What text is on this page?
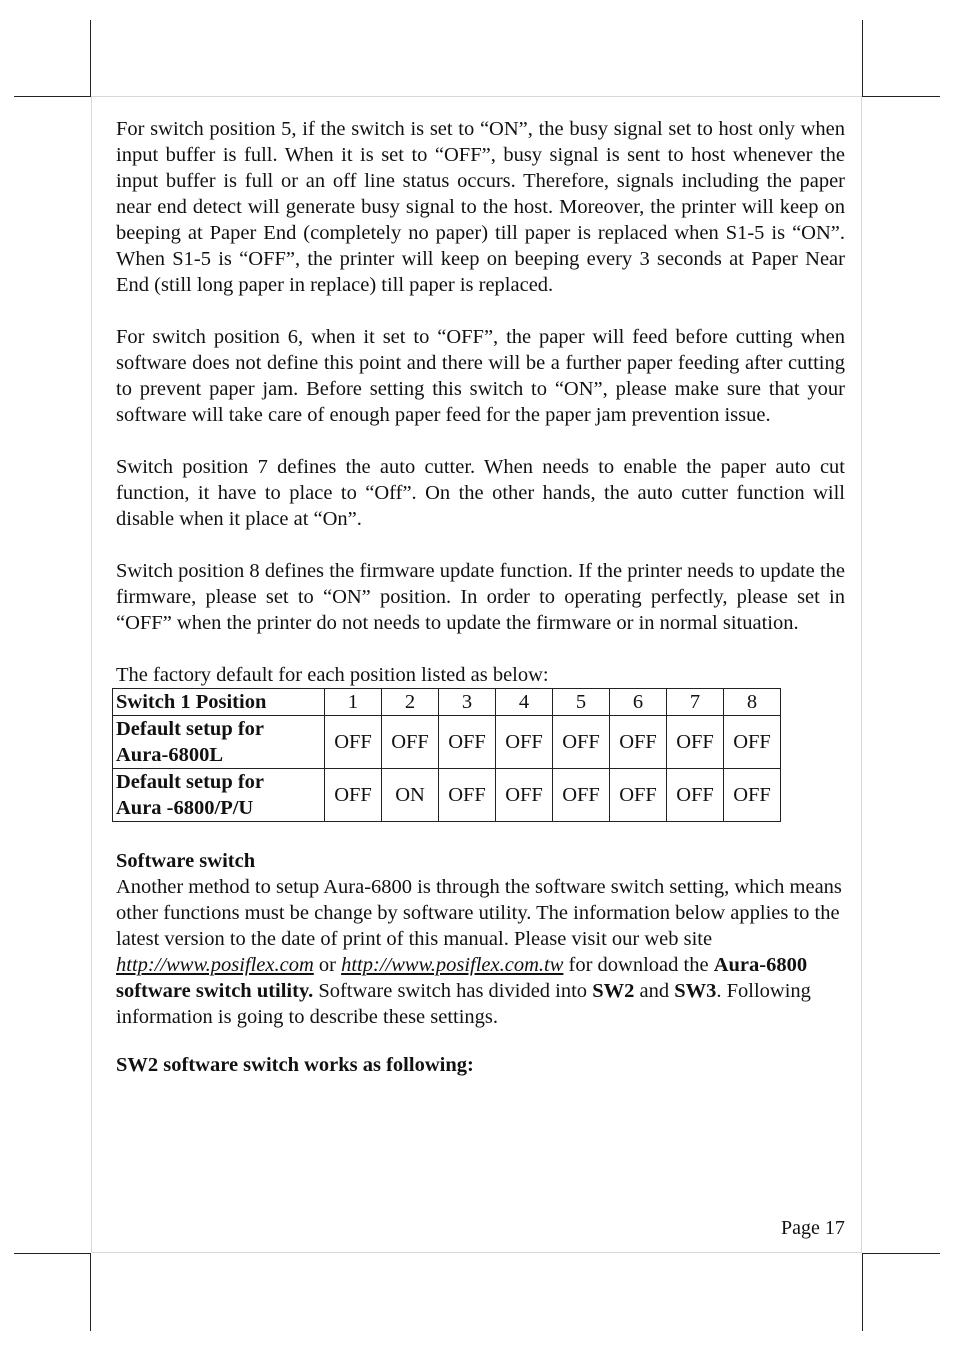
For switch position 5, if the switch is set to “ON”, the busy signal set to host only when input buffer is full. When it is set to “OFF”, busy signal is sent to host whenever the input buffer is full or an off line status occurs. Therefore, signals including the paper near end detect will generate busy signal to the host. Moreover, the printer will keep on beeping at Paper End (completely no paper) till paper is replaced when S1-5 is “ON”. When S1-5 is “OFF”, the printer will keep on beeping every 3 seconds at Paper Near End (still long paper in replace) till paper is replaced.

For switch position 6, when it set to “OFF”, the paper will feed before cutting when software does not define this point and there will be a further paper feeding after cutting to prevent paper jam. Before setting this switch to “ON”, please make sure that your software will take care of enough paper feed for the paper jam prevention issue.

Switch position 7 defines the auto cutter. When needs to enable the paper auto cut function, it have to place to “Off”. On the other hands, the auto cutter function will disable when it place at “On”.

Switch position 8 defines the firmware update function. If the printer needs to update the firmware, please set to “ON” position. In order to operating perfectly, please set in “OFF” when the printer do not needs to update the firmware or in normal situation.

The factory default for each position listed as below:

Switch 1 Position	1	2	3	4	5	6	7	8
Default setup for
Aura-6800L	OFF	OFF	OFF	OFF	OFF	OFF	OFF	OFF
Default setup for
Aura -6800/P/U	OFF	ON	OFF	OFF	OFF	OFF	OFF	OFF

Software switch

Another method to setup Aura-6800 is through the software switch setting, which means other functions must be change by software utility. The information below applies to the latest version to the date of print of this manual. Please visit our web site http://www.posiflex.com or http://www.posiflex.com.tw for download the Aura-6800 software switch utility. Software switch has divided into SW2 and SW3. Following information is going to describe these settings.

SW2 software switch works as following:

Page 17
